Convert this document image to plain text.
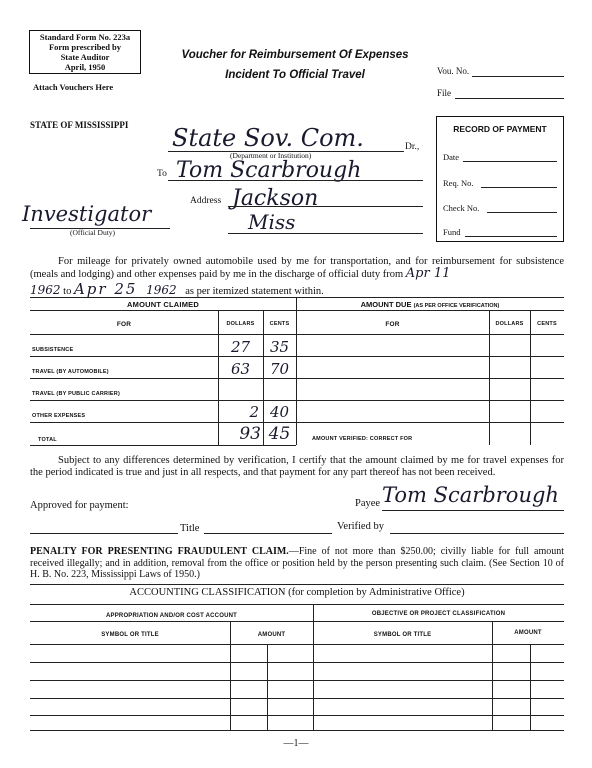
Standard Form No. 223a
Form prescribed by
State Auditor
April, 1950
Attach Vouchers Here
Voucher for Reimbursement Of Expenses
Incident To Official Travel	Vou. No.
File
STATE OF MISSISSIPPI State Sov. Com.	Dr.,
(Department or Institution)
To Tom Scarbrough
Address Jackson
Miss
Investigator
(Official Duty)
RECORD OF PAYMENT
Date
Req. No.
Check No.
Fund
For mileage for privately owned automobile used by me for transportation, and for reimbursement for subsistence (meals and lodging) and other expenses paid by me in the discharge of official duty from Apr 11
1962 to Apr 25 1962 as per itemized statement within.
AMOUNT CLAIMED	AMOUNT DUE (AS PER OFFICE VERIFICATION)
FOR	DOLLARS	CENTS	FOR	DOLLARS	CENTS
SUBSISTENCE	27	35
TRAVEL (BY AUTOMOBILE)	63	70
TRAVEL (BY PUBLIC CARRIER)
OTHER EXPENSES	2 40
TOTAL	93 45	AMOUNT VERIFIED: CORRECT FOR
Subject to any differences determined by verification, I certify that the amount claimed by me for travel expenses for the period indicated is true and just in all respects, and that payment for any part thereof has not been received.
Approved for payment:	Payee Tom Scarbrough
Title	Verified by
PENALTY FOR PRESENTING FRAUDULENT CLAIM.—Fine of not more than $250.00; civilly liable for full amount received illegally; and in addition, removal from the office or position held by the person presenting such claim. (See Section 10 of H. B. No. 223, Mississippi Laws of 1950.)
ACCOUNTING CLASSIFICATION (for completion by Administrative Office)
APPROPRIATION AND/OR COST ACCOUNT	OBJECTIVE OR PROJECT CLASSIFICATION
SYMBOL OR TITLE	AMOUNT	SYMBOL OR TITLE	AMOUNT
—1—
